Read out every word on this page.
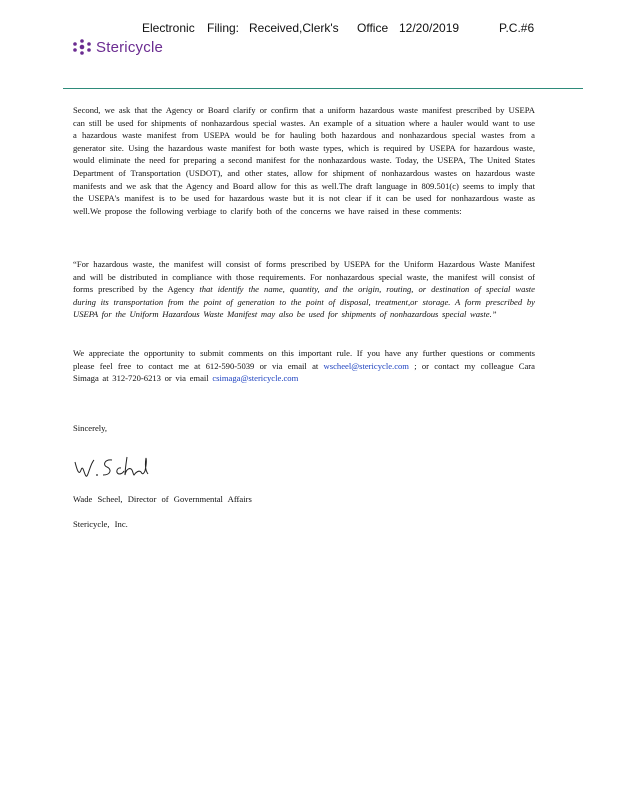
Electronic Filing: Received,Clerk's Office 12/20/2019	P.C.#6
Stericycle
Second, we ask that the Agency or Board clarify or confirm that a uniform hazardous waste manifest prescribed by USEPA can still be used for shipments of nonhazardous special wastes. An example of a situation where a hauler would want to use a hazardous waste manifest from USEPA would be for hauling both hazardous and nonhazardous special wastes from a generator site. Using the hazardous waste manifest for both waste types, which is required by USEPA for hazardous waste, would eliminate the need for preparing a second manifest for the nonhazardous waste. Today, the USEPA, The United States Department of Transportation (USDOT), and other states, allow for shipment of nonhazardous wastes on hazardous waste manifests and we ask that the Agency and Board allow for this as well.The draft language in 809.501(c) seems to imply that the USEPA's manifest is to be used for hazardous waste but it is not clear if it can be used for nonhazardous waste as well.We propose the following verbiage to clarify both of the concerns we have raised in these comments:
“For hazardous waste, the manifest will consist of forms prescribed by USEPA for the Uniform Hazardous Waste Manifest and will be distributed in compliance with those requirements. For nonhazardous special waste, the manifest will consist of forms prescribed by the Agency that identify the name, quantity, and the origin, routing, or destination of special waste during its transportation from the point of generation to the point of disposal, treatment,or storage. A form prescribed by USEPA for the Uniform Hazardous Waste Manifest may also be used for shipments of nonhazardous special waste.”
We appreciate the opportunity to submit comments on this important rule. If you have any further questions or comments please feel free to contact me at 612-590-5039 or via email at wscheel@stericycle.com ; or contact my colleague Cara Simaga at 312-720-6213 or via email csimaga@stericycle.com
Sincerely,
Wade Scheel, Director of Governmental Affairs
Stericycle, Inc.
